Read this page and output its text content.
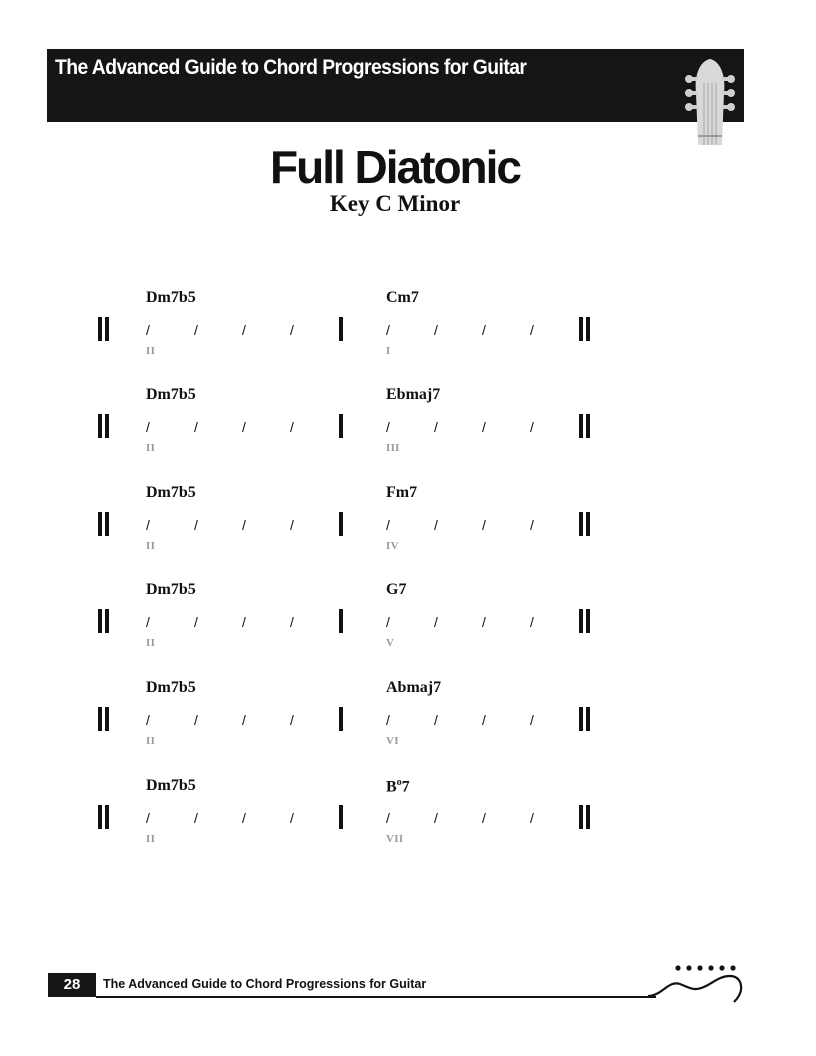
The Advanced Guide to Chord Progressions for Guitar
Full Diatonic
Key C Minor
Dm7b5	Cm7
/	/	/	/	/	/	/	/
II	I
Dm7b5	Ebmaj7
/	/	/	/	/	/	/	/
II	III
Dm7b5	Fm7
/	/	/	/	/	/	/	/
II	IV
Dm7b5	G7
/	/	/	/	/	/	/	/
II	V
Dm7b5	Abmaj7
/	/	/	/	/	/	/	/
II	VI
Dm7b5	$B^o7$
/	/	/	/	/	/	/	/
II	VII
28	The Advanced Guide to Chord Progressions for Guitar
